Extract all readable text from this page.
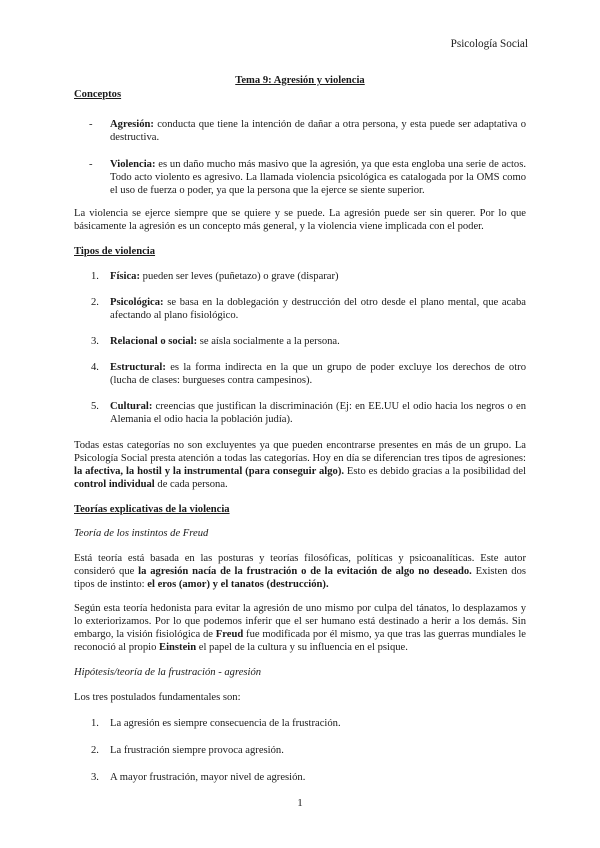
Psicología Social
Tema 9: Agresión y violencia
Conceptos
- Agresión: conducta que tiene la intención de dañar a otra persona, y esta puede ser adaptativa o destructiva.
- Violencia: es un daño mucho más masivo que la agresión, ya que esta engloba una serie de actos. Todo acto violento es agresivo. La llamada violencia psicológica es catalogada por la OMS como el uso de fuerza o poder, ya que la persona que la ejerce se siente superior.

La violencia se ejerce siempre que se quiere y se puede. La agresión puede ser sin querer. Por lo que básicamente la agresión es un concepto más general, y la violencia viene implicada con el poder.

Tipos de violencia
1. Física: pueden ser leves (puñetazo) o grave (disparar)
2. Psicológica: se basa en la doblegación y destrucción del otro desde el plano mental, que acaba afectando al plano fisiológico.
3. Relacional o social: se aísla socialmente a la persona.
4. Estructural: es la forma indirecta en la que un grupo de poder excluye los derechos de otro (lucha de clases: burgueses contra campesinos).
5. Cultural: creencias que justifican la discriminación (Ej: en EE.UU el odio hacia los negros o en Alemania el odio hacia la población judía).

Todas estas categorías no son excluyentes ya que pueden encontrarse presentes en más de un grupo. La Psicología Social presta atención a todas las categorías. Hoy en día se diferencian tres tipos de agresiones: la afectiva, la hostil y la instrumental (para conseguir algo). Esto es debido gracias a la posibilidad del control individual de cada persona.

Teorías explicativas de la violencia
Teoría de los instintos de Freud

Está teoría está basada en las posturas y teorías filosóficas, políticas y psicoanalíticas. Este autor consideró que la agresión nacía de la frustración o de la evitación de algo no deseado. Existen dos tipos de instinto: el eros (amor) y el tanatos (destrucción).

Según esta teoría hedonista para evitar la agresión de uno mismo por culpa del tánatos, lo desplazamos y lo exteriorizamos. Por lo que podemos inferir que el ser humano está destinado a herir a los demás. Sin embargo, la visión fisiológica de Freud fue modificada por él mismo, ya que tras las guerras mundiales le reconoció al propio Einstein el papel de la cultura y su influencia en el psique.

Hipótesis/teoría de la frustración - agresión

Los tres postulados fundamentales son:

1. La agresión es siempre consecuencia de la frustración.
2. La frustración siempre provoca agresión.
3. A mayor frustración, mayor nivel de agresión.
1
